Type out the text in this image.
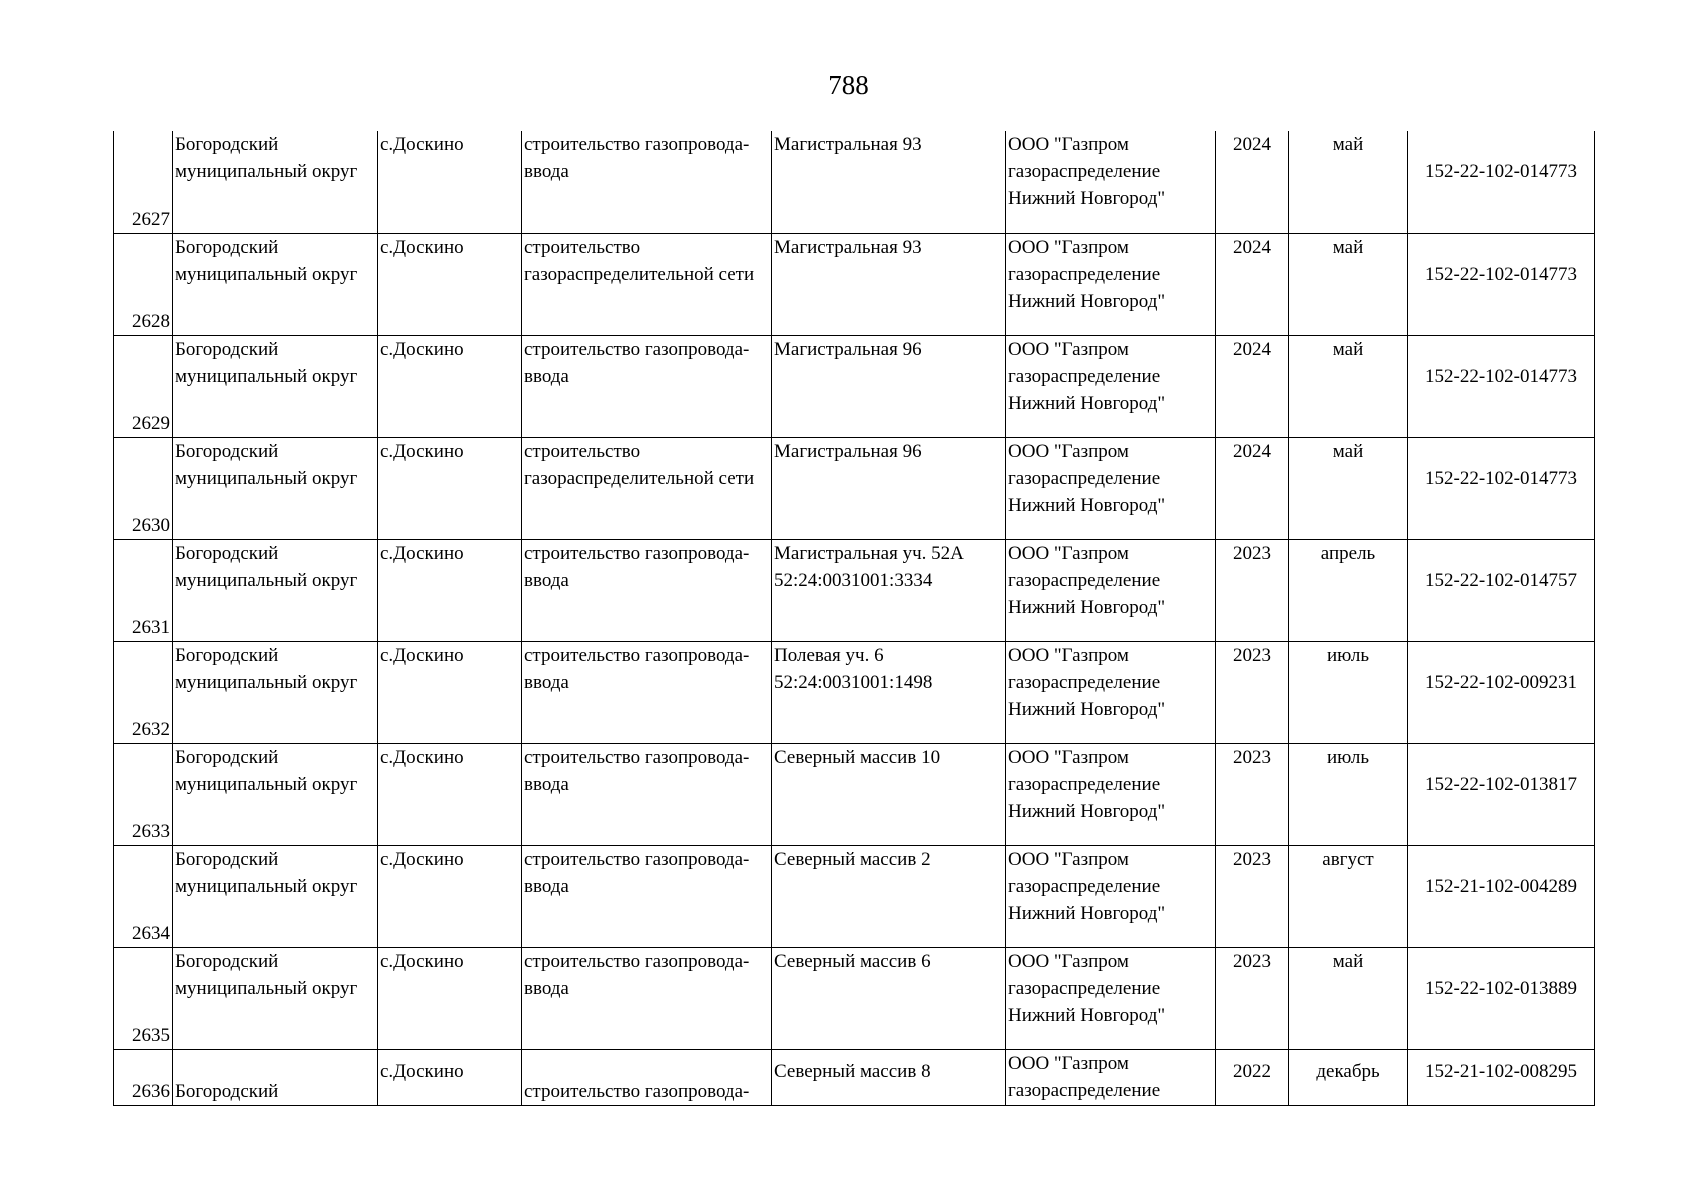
788
2627	Богородский муниципальный округ	с.Доскино	строительство газопровода-ввода	Магистральная 93	ООО "Газпром газораспределение Нижний Новгород"	2024	май	152-22-102-014773
2628	Богородский муниципальный округ	с.Доскино	строительство газораспределительной сети	Магистральная 93	ООО "Газпром газораспределение Нижний Новгород"	2024	май	152-22-102-014773
2629	Богородский муниципальный округ	с.Доскино	строительство газопровода-ввода	Магистральная 96	ООО "Газпром газораспределение Нижний Новгород"	2024	май	152-22-102-014773
2630	Богородский муниципальный округ	с.Доскино	строительство газораспределительной сети	Магистральная 96	ООО "Газпром газораспределение Нижний Новгород"	2024	май	152-22-102-014773
2631	Богородский муниципальный округ	с.Доскино	строительство газопровода-ввода	Магистральная уч. 52А 52:24:0031001:3334	ООО "Газпром газораспределение Нижний Новгород"	2023	апрель	152-22-102-014757
2632	Богородский муниципальный округ	с.Доскино	строительство газопровода-ввода	Полевая уч. 6 52:24:0031001:1498	ООО "Газпром газораспределение Нижний Новгород"	2023	июль	152-22-102-009231
2633	Богородский муниципальный округ	с.Доскино	строительство газопровода-ввода	Северный массив 10	ООО "Газпром газораспределение Нижний Новгород"	2023	июль	152-22-102-013817
2634	Богородский муниципальный округ	с.Доскино	строительство газопровода-ввода	Северный массив 2	ООО "Газпром газораспределение Нижний Новгород"	2023	август	152-21-102-004289
2635	Богородский муниципальный округ	с.Доскино	строительство газопровода-ввода	Северный массив 6	ООО "Газпром газораспределение Нижний Новгород"	2023	май	152-22-102-013889
2636	Богородский	с.Доскино	строительство газопровода-	Северный массив 8	ООО "Газпром газораспределение	2022	декабрь	152-21-102-008295
